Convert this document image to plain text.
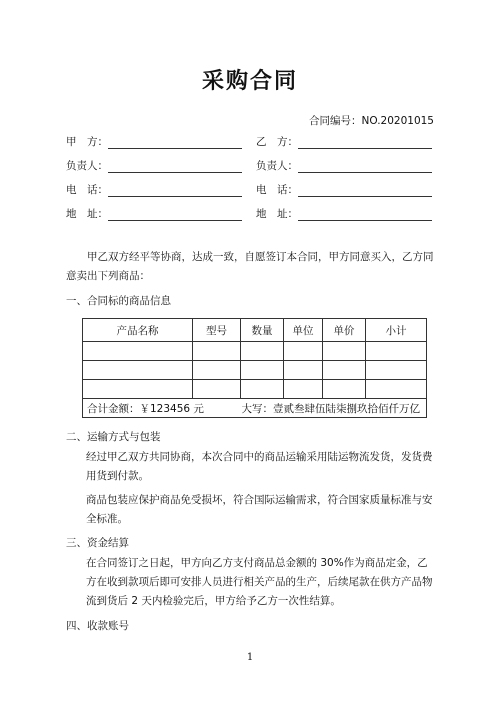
采购合同
合同编号：NO.20201015
甲　方：	乙　方：
负责人：	负责人：
电　话：	电　话：
地　址：	地　址：
甲乙双方经平等协商，达成一致，自愿签订本合同，甲方同意买入，乙方同意卖出下列商品：
一、合同标的商品信息
产品名称	型号	数量	单位	单价	小计

合计金额：￥123456 元 大写：壹贰叁肆伍陆柒捌玖拾佰仟万亿					
二、运输方式与包装
经过甲乙双方共同协商，本次合同中的商品运输采用陆运物流发货，发货费用货到付款。
商品包装应保护商品免受损坏，符合国际运输需求，符合国家质量标准与安全标准。
三、资金结算
在合同签订之日起，甲方向乙方支付商品总金额的 30%作为商品定金，乙方在收到款项后即可安排人员进行相关产品的生产，后续尾款在供方产品物流到货后 2 天内检验完后，甲方给予乙方一次性结算。
四、收款账号
1
